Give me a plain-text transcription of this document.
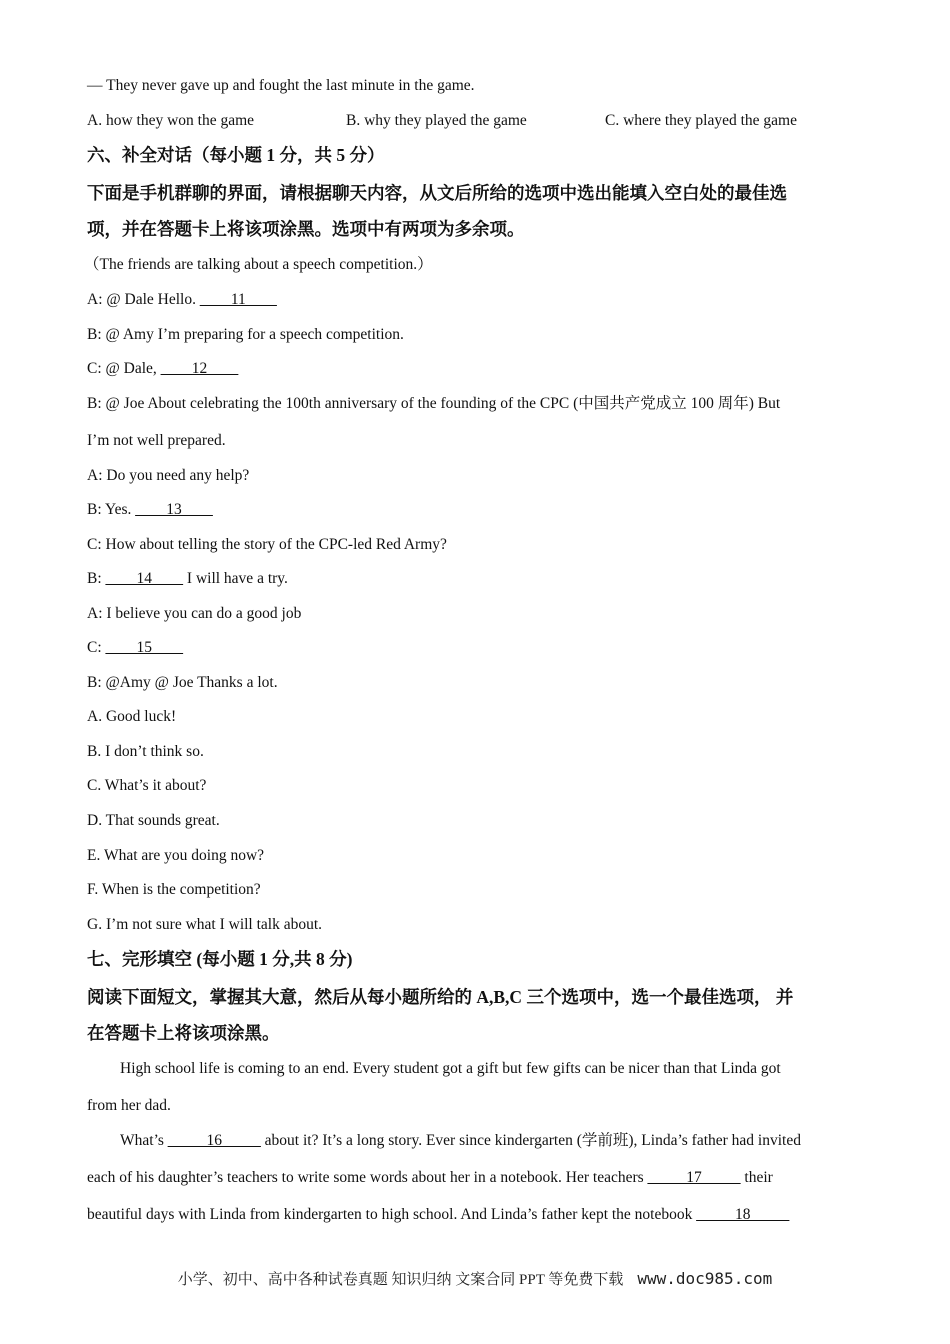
— They never gave up and fought the last minute in the game.
A. how they won the game	B. why they played the game	C. where they played the game
六、补全对话（每小题 1 分，共 5 分）
下面是手机群聊的界面，请根据聊天内容，从文后所给的选项中选出能填入空白处的最佳选
项，并在答题卡上将该项涂黑。选项中有两项为多余项。
（The friends are talking about a speech competition.）
A: @ Dale Hello. ____11____
B: @ Amy I’m preparing for a speech competition.
C: @ Dale, ____12____
B: @ Joe About celebrating the 100th anniversary of the founding of the CPC (中国共产党成立 100 周年) But
I’m not well prepared.
A: Do you need any help?
B: Yes. ____13____
C: How about telling the story of the CPC-led Red Army?
B: ____14____ I will have a try.
A: I believe you can do a good job
C: ____15____
B: @Amy @ Joe Thanks a lot.
A. Good luck!
B. I don’t think so.
C. What’s it about?
D. That sounds great.
E. What are you doing now?
F. When is the competition?
G. I’m not sure what I will talk about.
七、完形填空 (每小题 1 分,共 8 分)
阅读下面短文，掌握其大意，然后从每小题所给的 A,B,C 三个选项中，选一个最佳选项， 并
在答题卡上将该项涂黑。
High school life is coming to an end. Every student got a gift but few gifts can be nicer than that Linda got
from her dad.
What’s _____16_____ about it? It’s a long story. Ever since kindergarten (学前班), Linda’s father had invited
each of his daughter’s teachers to write some words about her in a notebook. Her teachers _____17_____ their
beautiful days with Linda from kindergarten to high school. And Linda’s father kept the notebook _____18_____
小学、初中、高中各种试卷真题 知识归纳 文案合同 PPT 等免费下载 www.doc985.com
